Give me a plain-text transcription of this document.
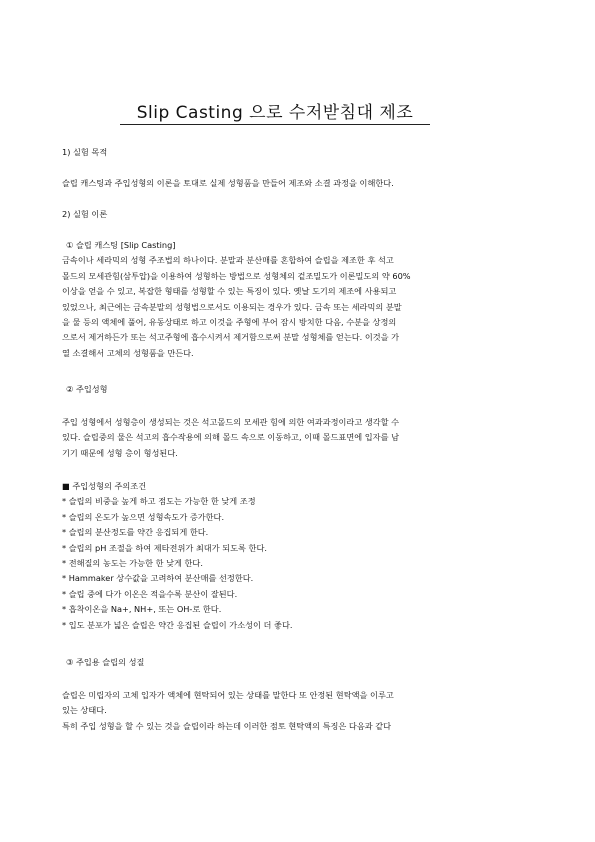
Slip Casting 으로 수저받침대 제조
1) 실험 목적
슬립 캐스팅과 주입성형의 이론을 토대로 실제 성형품을 만들어 제조와 소결 과정을 이해한다.
2) 실험 이론
① 슬립 캐스팅 [Slip Casting]
금속이나 세라믹의 성형 주조법의 하나이다. 분말과 분산매를 혼합하여 슬립을 제조한 후 석고
몰드의 모세관힘(삼투압)을 이용하여 성형하는 방법으로 성형체의 겉조밀도가 이론밀도의 약 60%
이상을 얻을 수 있고, 복잡한 형태를 성형할 수 있는 특징이 있다. 옛날 도기의 제조에 사용되고
있었으나, 최근에는 금속분말의 성형법으로서도 이용되는 경우가 있다. 금속 또는 세라믹의 분말
을 물 등의 액체에 풀어, 유동상태로 하고 이것을 주형에 부어 잠시 방치한 다음, 수분을 상정의
으로서 제거하든가 또는 석고주형에 흡수시켜서 제거함으로써 분말 성형체를 얻는다. 이것을 가
열 소결해서 고체의 성형품을 만든다.
② 주입성형
주입 성형에서 성형층이 생성되는 것은 석고몰드의 모세관 힘에 의한 여과과정이라고 생각할 수
있다. 슬립중의 물은 석고의 흡수작용에 의해 몰드 속으로 이동하고, 이때 몰드표면에 입자를 남
기기 때문에 성형 층이 형성된다.
■ 주입성형의 주의조건
* 슬립의 비중을 높게 하고 점도는 가능한 한 낮게 조정
* 슬립의 온도가 높으면 성형속도가 증가한다.
* 슬립의 분산정도를 약간 응집되게 한다.
* 슬립의 pH 조절을 하여 제타전위가 최대가 되도록 한다.
* 전해질의 농도는 가능한 한 낮게 한다.
* Hammaker 상수값을 고려하여 분산매를 선정한다.
* 슬립 중에 다가 이온은 적을수록 분산이 잘된다.
* 흡착이온을 Na+, NH+, 또는 OH-로 한다.
* 입도 분포가 넓은 슬립은 약간 응집된 슬립이 가소성이 더 좋다.
③ 주입용 슬립의 성질
슬립은 미립자의 고체 입자가 액체에 현탁되어 있는 상태를 말한다 또 안정된 현탁액을 이루고
있는 상태다.
특히 주입 성형을 할 수 있는 것을 슬립이라 하는데 이러한 점토 현탁액의 특징은 다음과 같다
